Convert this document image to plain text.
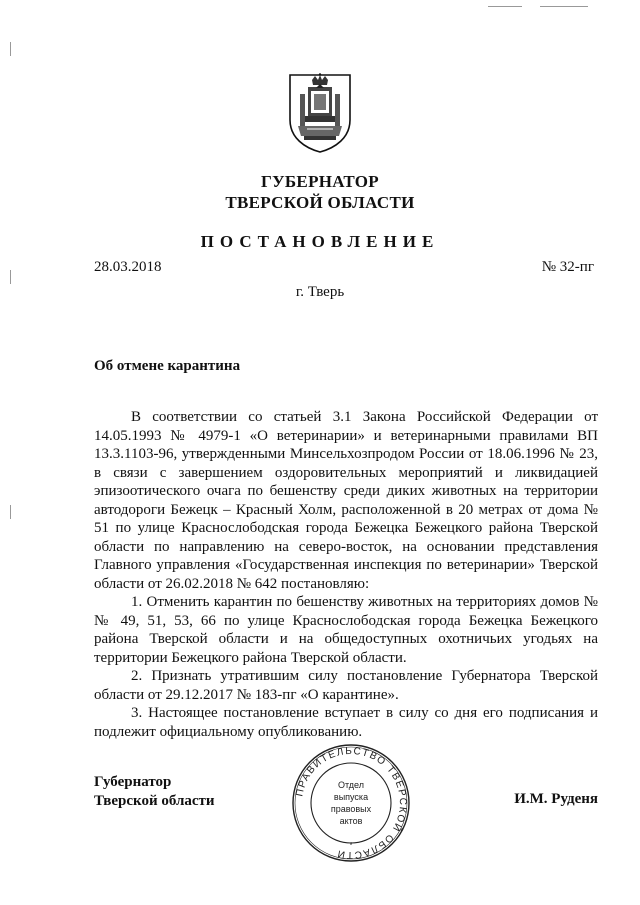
ГУБЕРНАТОР
ТВЕРСКОЙ ОБЛАСТИ
ПОСТАНОВЛЕНИЕ
28.03.2018	№ 32-пг
г. Тверь
Об отмене карантина

В соответствии со статьей 3.1 Закона Российской Федерации от 14.05.1993 № 4979-1 «О ветеринарии» и ветеринарными правилами ВП 13.3.1103-96, утвержденными Минсельхозпродом России от 18.06.1996 № 23, в связи с завершением оздоровительных мероприятий и ликвидацией эпизоотического очага по бешенству среди диких животных на территории автодороги Бежецк – Красный Холм, расположенной в 20 метрах от дома № 51 по улице Краснослободская города Бежецка Бежецкого района Тверской области по направлению на северо-восток, на основании представления Главного управления «Государственная инспекция по ветеринарии» Тверской области от 26.02.2018 № 642 постановляю:

1. Отменить карантин по бешенству животных на территориях домов №№ 49, 51, 53, 66 по улице Краснослободская города Бежецка Бежецкого района Тверской области и на общедоступных охотничьих угодьях на территории Бежецкого района Тверской области.

2. Признать утратившим силу постановление Губернатора Тверской области от 29.12.2017 № 183-пг «О карантине».

3. Настоящее постановление вступает в силу со дня его подписания и подлежит официальному опубликованию.

Губернатор
Тверской области	И.М. Руденя
ПРАВИТЕЛЬСТВО ТВЕРСКОЙ ОБЛАСТИ
*
Отдел
выпуска
правовых
актов
